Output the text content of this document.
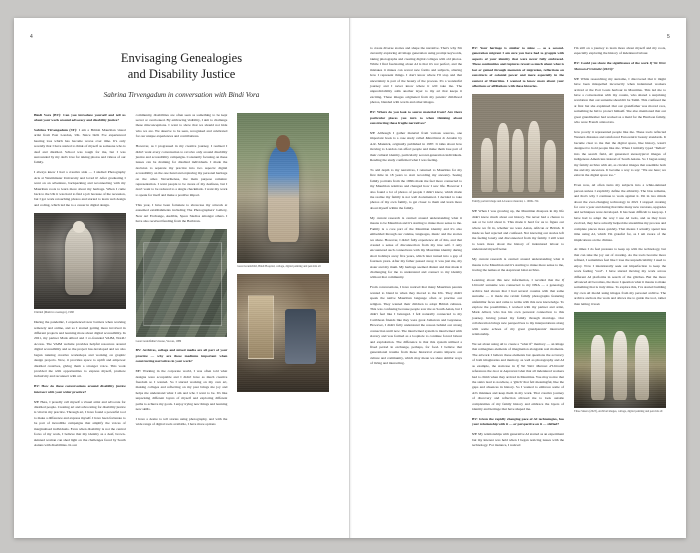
4
Envisaging Genealogies
and Disability Justice
Sabrina Tirvengadum in conversation with Bindi Vora

Bindi Vora (BV): Can you introduce yourself and tell us about your work around advocacy and disability justice?

Sabrina Tirvengadum (ST): I am a British Mauritian visual artist from East London, UK. Since birth I've experienced hearing loss which has become worse over time. It's only recently that I have started to think of myself as someone who is deaf and disabled. School was tough for me, but I was surrounded by my dad's love for taking photos and videos of our family.

I always knew I had a creative side — I studied Photography Arts at Westminster University and loved it! After graduating I went on an adventure, backpacking and reconnecting with my Mauritian roots to learn more about my heritage. When I came back to the UK it was hard to find a job because of the recession, but I got work retouching photos and started to learn web design and coding, which led me to a career in digital design.

Untitled (Mum in a teenager), 1968

During the pandemic, I experienced new barriers when working remotely and online, and so I started getting more involved in different projects and learning more about digital accessibility. In 2021, my partner Mark Allred and I co-founded VAIM, Not4U Access. The VAIM website provides helpful resources around digital accessibility and so the project has developed and we also begun running creative workshops and working on graphic design projects. Now, it provides space to uplift and empower disabled creatives, giving them a stronger voice. This work provided me with opportunities to express myself, promote inclusivity and reconnect with art.

BV: How do these conversations around disability justice intersect with your wider practice?

ST: Here, I proudly call myself a visual artist and advocate for disabled people. Creating art and advocating for disability justice is vital in my practice. Through art, I have found a powerful tool to make a difference and express myself. I have been fortunate to be part of incredible campaigns that amplify the voices of marginalised individuals. Even when disability is not the central focus of my work, I believe that my identity as a deaf, brown-skinned woman can shed light on the challenges faced by South Asians with disabilities. In our

community, disabilities are often seen as something to be kept secret or overlooked. By embracing visibility, I aim to challenge these misconceptions. I want to show that we should not hide who we are. We deserve to be seen, recognised and celebrated for our unique experiences and contributions.

However, as I progressed in my creative journey, I realised I didn't want every conversation to revolve only around disability justice and accessibility campaigns. Constantly focusing on these issues can be draining for disabled individuals. I made the decision to separate my practice into two aspects: digital accessibility on the one hand and exploring my personal heritage on the other. Nevertheless, the main purpose remains: representation. I want people to be aware of my deafness, but I don't want to be reduced to a single checkmark. I want my work to speak for itself and make a positive impact.

This year, I have been fortunate to showcase my artwork at esteemed establishments including The Photographers' Gallery, New Art Exchange, Audible, Space Studios amongst others. I have also received funding from the Barbican.

Great Grandfather's house, Vacoas, 1989

BV: Archives, collage and mixed media are all part of your practice — why are these mediums important when constructing narratives in your work?

ST: Working in the corporate world, I was often told what designs were acceptable and I didn't have as much creative freedom so I wanted. So I started working on my own art, making collages and reflecting on my past brings me joy and helps me understand what I am and who I want to be. It's like unpacking different layers of myself and exploring different paths to achieve my goals. I enjoy trying new things and learning new skills.

I have a desire to tell stories using photography, and with the wide range of digital tools available, I have more options

Great Grandchild, Bindi Hospital, collage, digital painting and pen mix all

5

to create diverse stories and shape the narrative. That's why I'm currently exploring AI image generation using prompt keywords, taking photographs and creating digital collages with old photos. While I find fascinating about AI is that it's not perfect, and the mistakes it makes can reveal new forms and subjects, altering how I represent things. I don't know where I'll stop and that uncertainty is part of the beauty of the process. It's a wonderful journey and I never know where it will take me. The unpredictability adds another layer to my art that keeps it exciting. These images originated from my parents' childhood photos, blended with words and other images.

BV: Where do you look to source material from? Are there particular places you turn to when thinking about constructing these fragile narratives?

ST: Although I gather material from various sources, one important book is a case study called Mauritians in London by A.R. Mannick, originally published in 1987. It talks about how moving to London can affect people and make them lose part of their cultural identity, particularly second-generation individuals. Reading the study confirmed what I was feeling.

To add depth to my narratives, I returned to Mauritius for my first time in 18 years to start recording my ancestry. Seeing family portraits from the 1960s made me feel more connected to my Mauritian relatives and changed how I saw life. However I also found a lot of photos of people I didn't know, which made me realise my family is not well documented. I decided to take photos of my own family, to get closer to them and learn more about myself within the family.

My current research is centred around understanding what it means to be Mauritian and it's starting to make more sense to me. Family is a core part of the Mauritian identity and it's also embedded through our cuisine, languages, music and the stories we share. However, I didn't fully experience all of this, and that created a sense of disconnection from my true self. I only encountered such connections with my Mauritian identity during short holidays away five years, which later turned into a gap of fourteen years. After my father passed away, it was just me, my sister and my mum. My heritage seemed distant and that made it challenging for me to understand and connect to my identity without that community.

From conversations, I have noticed that many Mauritian parents wanted to blend in when they moved to the UK. They didn't speak the native Mauritian language often or practise our religion. They wanted their children to adopt British cultures. This was confusing because people saw me as South Asian, but I didn't feel like I belonged. I felt naturally connected to my Caribbean friends like they were great Jamaican and Guyanese. However, I didn't fully understand the reason behind our strong connection until now. The intertwined system is intertwined with slavery and was formed as a loophole to continue forced labour and exploitation. The difference is that this system utilised a fixed period in exchange, perhaps, for food. I believe that generational trauma from these historical events impacts our culture and community, which may mean we share similar ways of living and interacting.

BV: Your heritage is similar to mine — as a second-generation migrant I am sure you have had to grapple with aspects of your identity that were never fully embraced. These continuities and ruptures reveal so much about what is lost or gained through moments of migration, reflections on constructs of colonial power and more especially in the context of Mauritius. I wanted to know more about your affections or affiliations with these histories.

Family portrait image and AI source material, c. 1960s–70s

ST: When I was growing up, the Mauritian diaspora in my life didn't know much about our history. We never had a chance to ask or be told about it. This made it hard for us to figure out where we fit in, whether we were Asian, African or British. It made us feel rejected and confused. Not knowing our stories left me feeling lonely and disconnected from my family. I still want to learn more about the history of indentured labour to understand myself better.

My current research is centred around understanding what it means to be Mauritian and it's starting to make more sense to me, tracing the names at the Aapravasi Ghat archive.

Learning about this new information, I recalled that the If Uninvité surname was connected to my DNA — a genealogy archive had shown that I had several cousins with that same surname — it made me revisit family photographs featuring unfamiliar faces and came to terms with this new knowledge. To explore the possibilities, I worked with my partner and artist, Mark Allred, who has his own personal connection to this journey, having joined my family through marriage. Our collaboration brings new perspectives to my interpretations along with some echoes of my great grandparents' interracial relationship.

We set about using AI to create a "what if" memory — an image that reimagines elements of imagination alongside real moments. The artwork I believe these elements but questions the accuracy of both imaginaries and memory, as well as photography and AI as example, the staircase in If We Were Maroon d'Uninvité references the door at Aapravasi Ghat that all indentured workers had to climb when they arrived in Mauritius. You may notice that the stairs lead to nowhere, a 'glitch' that felt meaningful, like the gaps and absences in history. So I wanted to embrace some of AI's mistakes and keep them in my work. That creative journey of discovery and reflection allowed me to look outside complexities of my family history and embrace the layers of identity and heritage that have shaped me.

BV: Given the rapidly changing pace of AI technologies, has your relationship with it — or perspective on it — shifted?

ST: My relationships with generative AI started as an experiment but my interest was held when I began noticing issues with the technology. For instance, I noticed

I'm still on a journey to learn more about myself and my roots, especially exploring the history of indentured labour.

BV: Could you share the significance of the work If We Were Maroon d'Uninvité (2023)?

ST: While researching my surname, I discovered that it might have been misspelled incorrectly when indentured workers arrived at the Port Louis harbour in Mauritius. This led me to have a conversation with my cousin, who shared a surprising revelation that our surname shouldn't be Tamil. This confused me at first but she explained that our grandfather was moved race, something he hid to protect himself. She also mentioned that our great grandmother had worked as a maid for the Harrison family, who were French aristocrats.

how poorly it represented people like me. These tools reflected Western distastes and reinforced Eurocentric beauty standards. It became clear to me that the digital space, like history, wasn't designed to hold people like me. When I initially typed "Indian" into the search field, AI generated stereotypical images of indigenous Americans instead of South Asians. So I began using my family archive with AI, as circular images that resemble both me and my ancestors. It became a way to say: "We are here; we exist in the digital space too."

Even now, AI often turns my subjects into a white-skinned person unless I explicitly define the ethnicity. The bias remains, and that's why I continue to work against it. I'm in two minds about the ever-changing technology in 2021 I stopped creating for over a year and during that time many new versions, upgrades and techniques were developed. It has been difficult to keep up. I have had to adapt the way I use AI tools, and as they have evolved, they have actually helped me streamline my process and complete pieces more quickly. That means I actually spend less time using AI, which I'm grateful for, as I am aware of the implications on the climate.

At times I do feel pressure to keep up with the technology, but that can take the joy out of creating. As the tools become more refined, I sometimes feel like I lose the unpredictability I used to enjoy. Now I intentionally seek out imperfection to keep the work feeling "real". I have started moving my work across different AI platforms in search of the glitches. But the more advanced AI becomes, the more I question what it means to make something that is truly mine. To explore this, I've started building my own AI model using images from my personal archive. The archive anchors the work and allows me to guide the tool, rather than letting it lead.

Three Sisters (2023), Archival images, collage, digital painting and pen mix all
